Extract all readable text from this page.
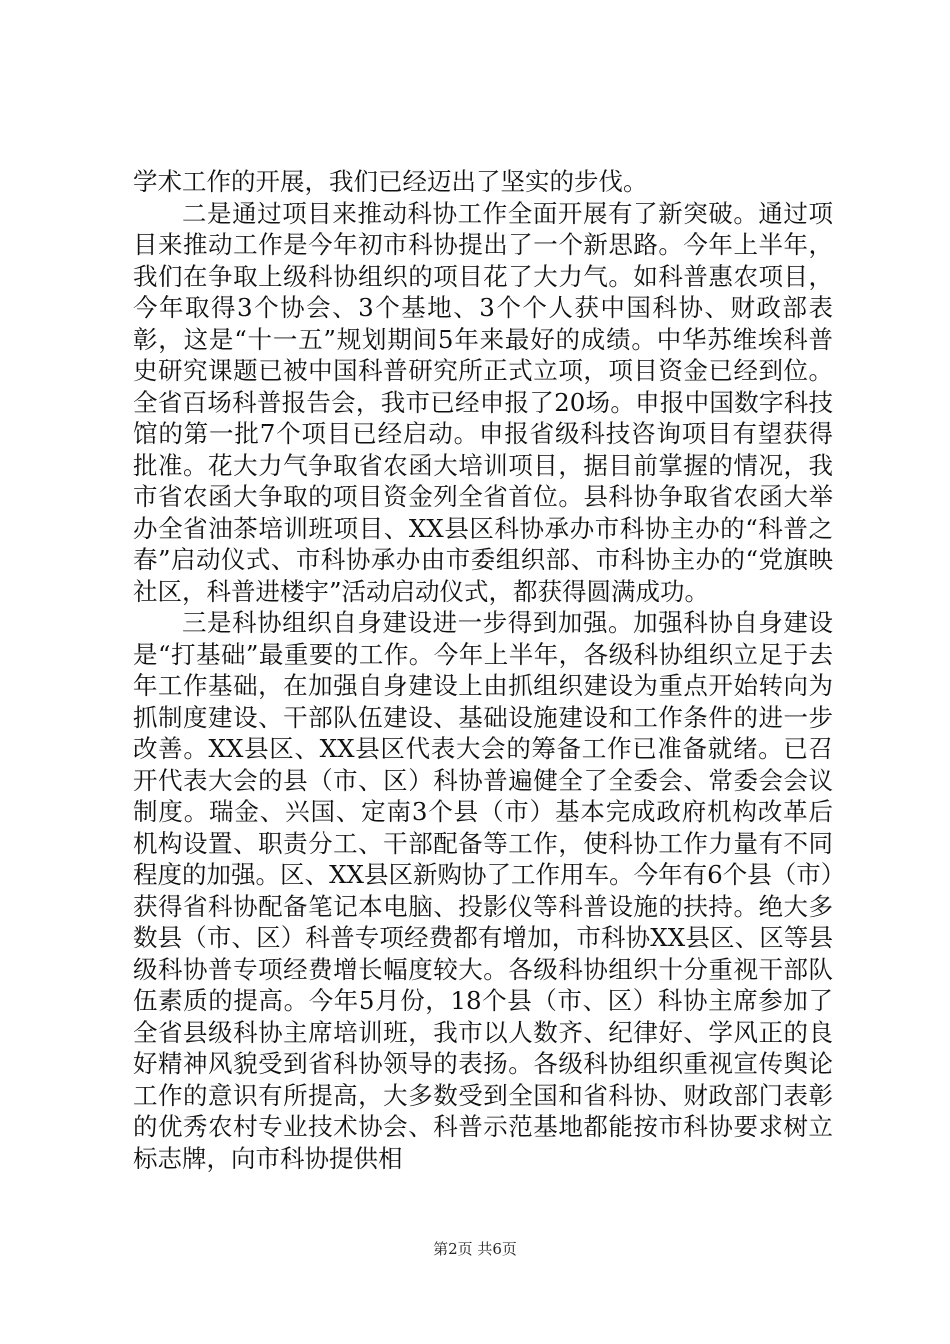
学术工作的开展，我们已经迈出了坚实的步伐。

二是通过项目来推动科协工作全面开展有了新突破。通过项目来推动工作是今年初市科协提出了一个新思路。今年上半年，我们在争取上级科协组织的项目花了大力气。如科普惠农项目，今年取得3个协会、3个基地、3个个人获中国科协、财政部表彰，这是“十一五”规划期间5年来最好的成绩。中华苏维埃科普史研究课题已被中国科普研究所正式立项，项目资金已经到位。全省百场科普报告会，我市已经申报了20场。申报中国数字科技馆的第一批7个项目已经启动。申报省级科技咨询项目有望获得批准。花大力气争取省农函大培训项目，据目前掌握的情况，我市省农函大争取的项目资金列全省首位。县科协争取省农函大举办全省油茶培训班项目、XX县区科协承办市科协主办的“科普之春”启动仪式、市科协承办由市委组织部、市科协主办的“党旗映社区，科普进楼宇”活动启动仪式，都获得圆满成功。

三是科协组织自身建设进一步得到加强。加强科协自身建设是“打基础”最重要的工作。今年上半年，各级科协组织立足于去年工作基础，在加强自身建设上由抓组织建设为重点开始转向为抓制度建设、干部队伍建设、基础设施建设和工作条件的进一步改善。XX县区、XX县区代表大会的筹备工作已准备就绪。已召开代表大会的县（市、区）科协普遍健全了全委会、常委会会议制度。瑞金、兴国、定南3个县（市）基本完成政府机构改革后机构设置、职责分工、干部配备等工作，使科协工作力量有不同程度的加强。区、XX县区新购协了工作用车。今年有6个县（市）获得省科协配备笔记本电脑、投影仪等科普设施的扶持。绝大多数县（市、区）科普专项经费都有增加，市科协XX县区、区等县级科协普专项经费增长幅度较大。各级科协组织十分重视干部队伍素质的提高。今年5月份，18个县（市、区）科协主席参加了全省县级科协主席培训班，我市以人数齐、纪律好、学风正的良好精神风貌受到省科协领导的表扬。各级科协组织重视宣传舆论工作的意识有所提高，大多数受到全国和省科协、财政部门表彰的优秀农村专业技术协会、科普示范基地都能按市科协要求树立标志牌，向市科协提供相

第2页 共6页
